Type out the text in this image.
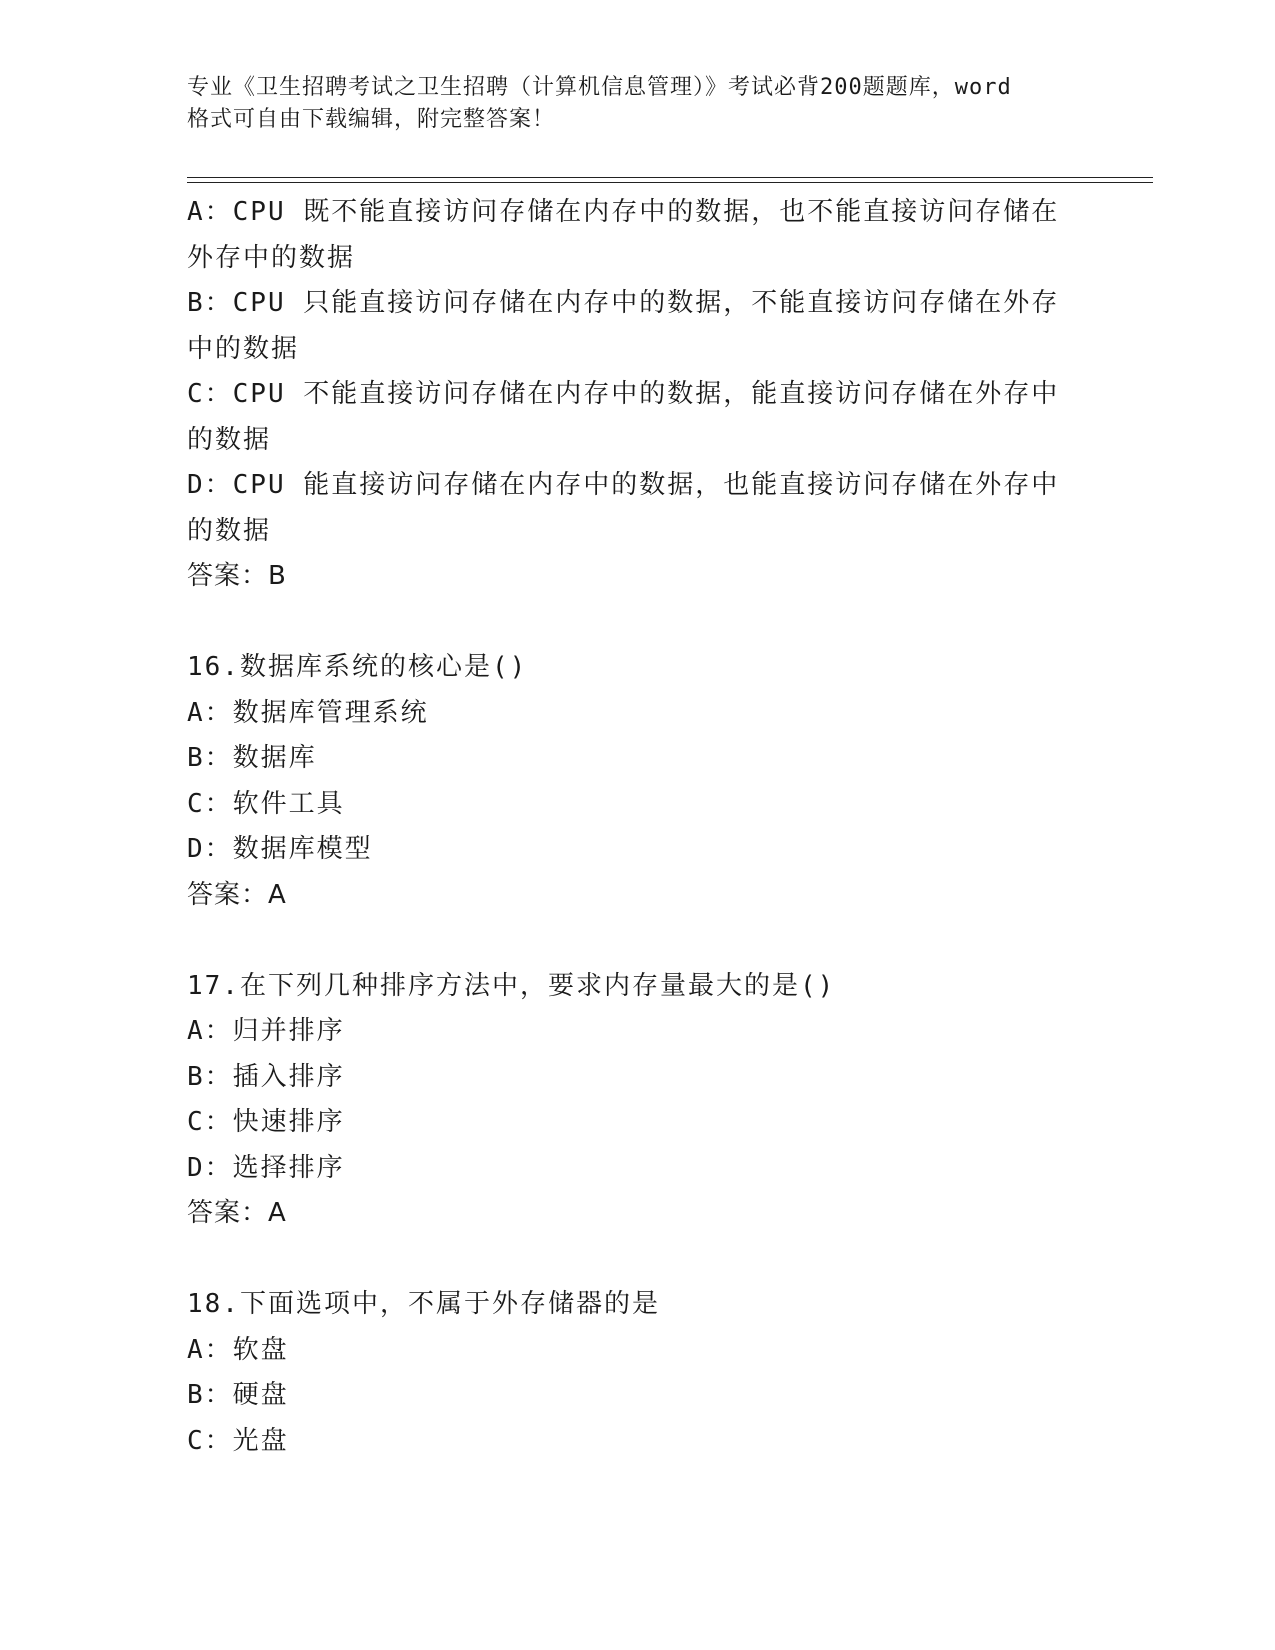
专业《卫生招聘考试之卫生招聘（计算机信息管理）》考试必背200题题库，word
格式可自由下载编辑，附完整答案！
A：CPU 既不能直接访问存储在内存中的数据，也不能直接访问存储在
外存中的数据
B：CPU 只能直接访问存储在内存中的数据，不能直接访问存储在外存
中的数据
C：CPU 不能直接访问存储在内存中的数据，能直接访问存储在外存中
的数据
D：CPU 能直接访问存储在内存中的数据，也能直接访问存储在外存中
的数据
答案：B
16.数据库系统的核心是()
A：数据库管理系统
B：数据库
C：软件工具
D：数据库模型
答案：A
17.在下列几种排序方法中，要求内存量最大的是()
A：归并排序
B：插入排序
C：快速排序
D：选择排序
答案：A
18.下面选项中，不属于外存储器的是
A：软盘
B：硬盘
C：光盘
